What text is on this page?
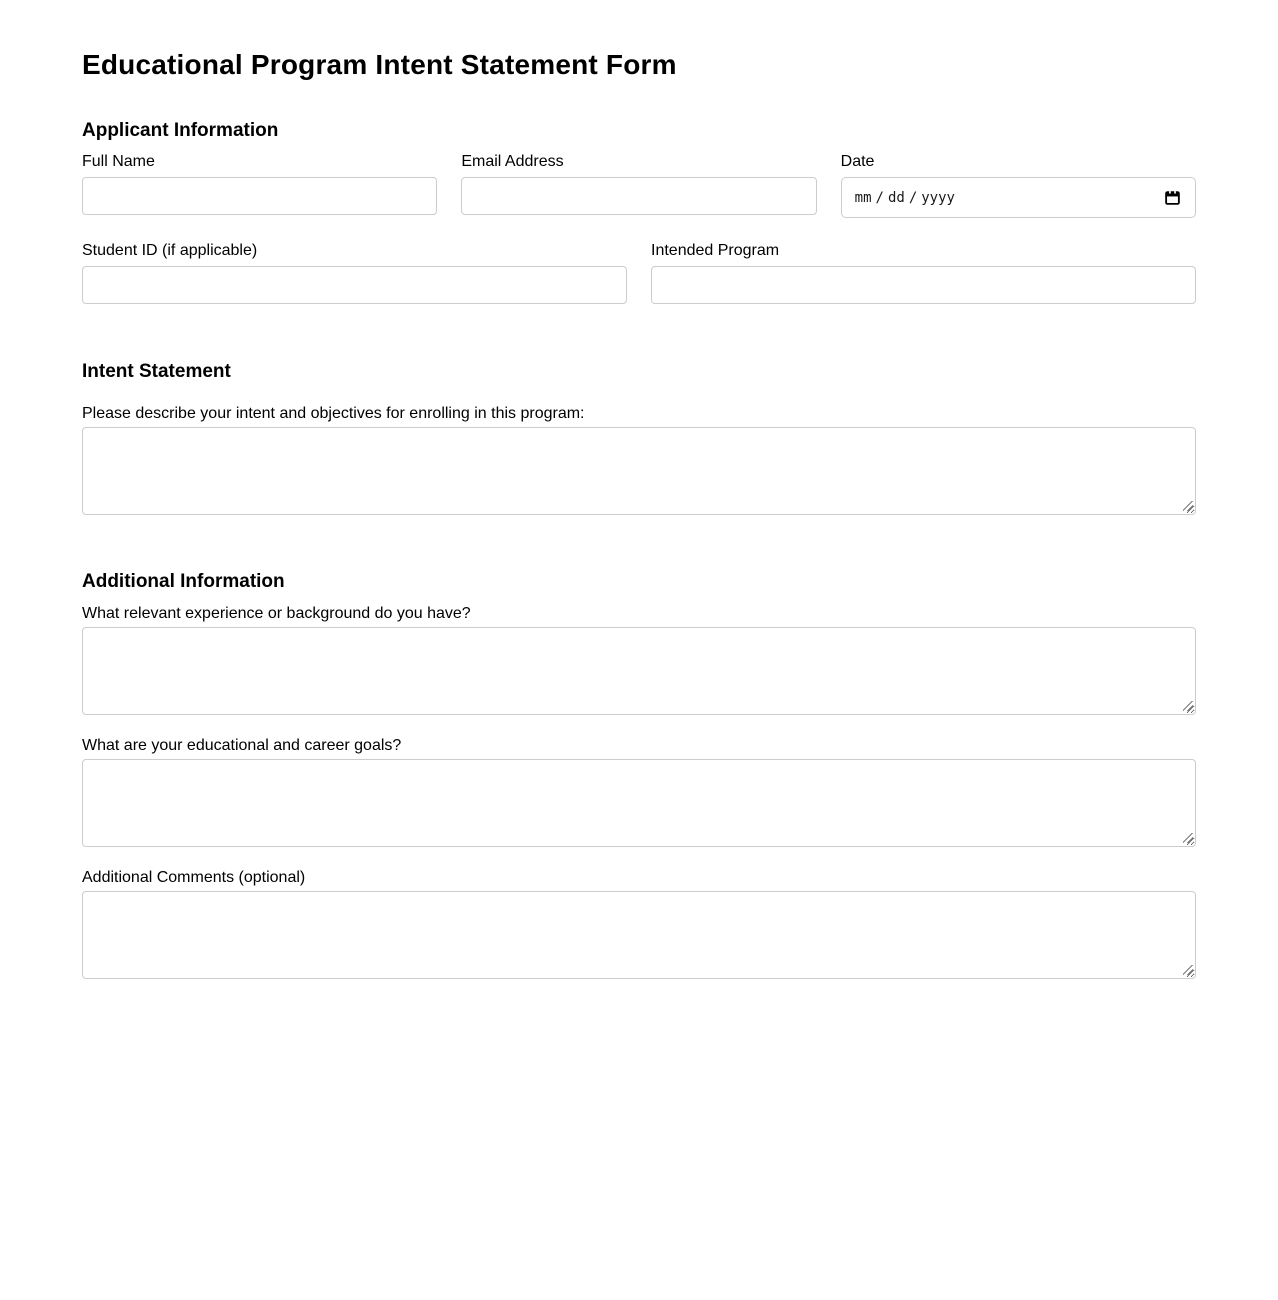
Educational Program Intent Statement Form
Applicant Information
Full Name	Email Address	Date
mm / dd / yyyy
Student ID (if applicable)	Intended Program
Intent Statement
Please describe your intent and objectives for enrolling in this program:
Additional Information
What relevant experience or background do you have?
What are your educational and career goals?
Additional Comments (optional)
